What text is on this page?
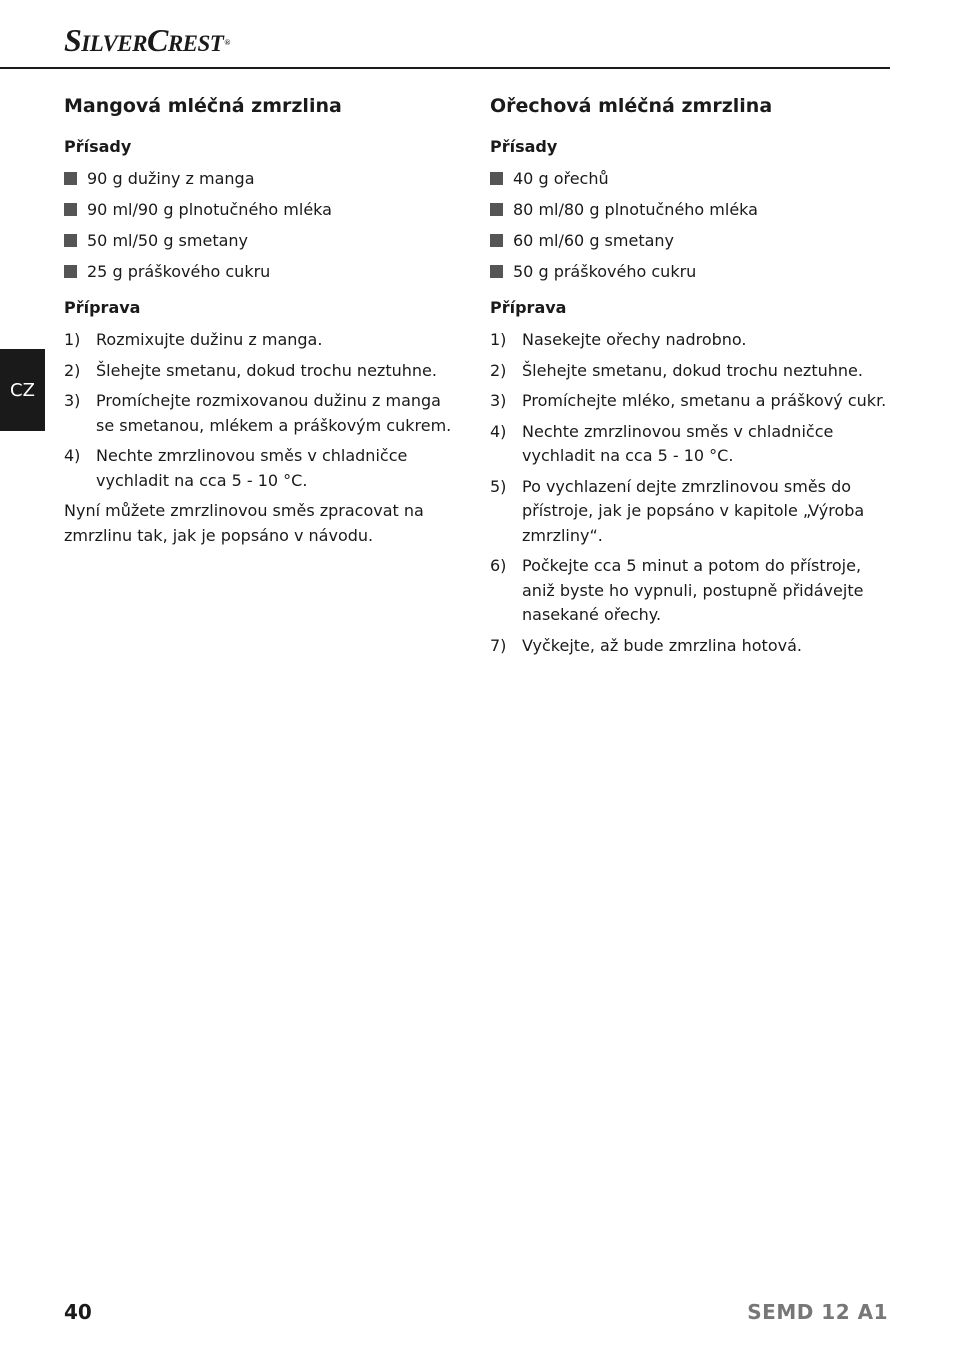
SILVERCREST®
CZ
Mangová mléčná zmrzlina
Přísady
90 g dužiny z manga
90 ml/90 g plnotučného mléka
50 ml/50 g smetany
25 g práškového cukru
Příprava
1) Rozmixujte dužinu z manga.
2) Šlehejte smetanu, dokud trochu neztuhne.
3) Promíchejte rozmixovanou dužinu z manga se smetanou, mlékem a práškovým cukrem.
4) Nechte zmrzlinovou směs v chladničce vychladit na cca 5 - 10 °C.

Nyní můžete zmrzlinovou směs zpracovat na zmrzlinu tak, jak je popsáno v návodu.

Ořechová mléčná zmrzlina
Přísady
40 g ořechů
80 ml/80 g plnotučného mléka
60 ml/60 g smetany
50 g práškového cukru
Příprava
1) Nasekejte ořechy nadrobno.
2) Šlehejte smetanu, dokud trochu neztuhne.
3) Promíchejte mléko, smetanu a práškový cukr.
4) Nechte zmrzlinovou směs v chladničce vychladit na cca 5 - 10 °C.
5) Po vychlazení dejte zmrzlinovou směs do přístroje, jak je popsáno v kapitole „Výroba zmrzliny“.
6) Počkejte cca 5 minut a potom do přístroje, aniž byste ho vypnuli, postupně přidávejte nasekané ořechy.
7) Vyčkejte, až bude zmrzlina hotová.
40	SEMD 12 A1
